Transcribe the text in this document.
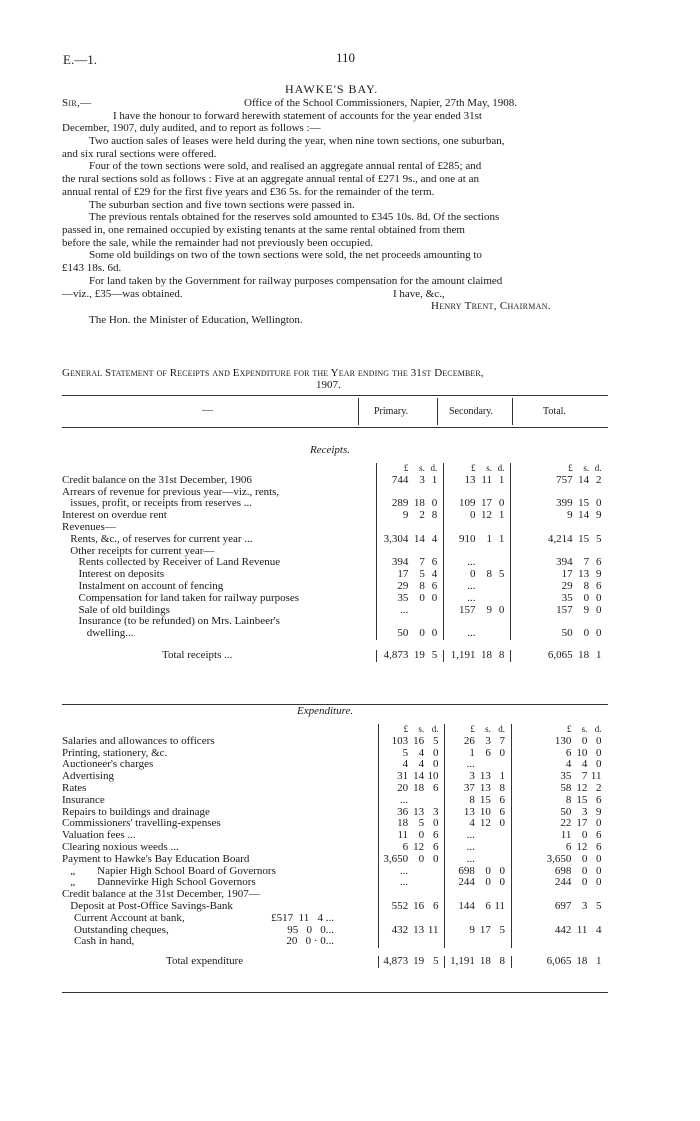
E.—1.	110
HAWKE'S BAY.
Sir,—	Office of the School Commissioners, Napier, 27th May, 1908.
I have the honour to forward herewith statement of accounts for the year ended 31st
December, 1907, duly audited, and to report as follows :—
Two auction sales of leases were held during the year, when nine town sections, one suburban,
and six rural sections were offered.
Four of the town sections were sold, and realised an aggregate annual rental of £285; and
the rural sections sold as follows : Five at an aggregate annual rental of £271 9s., and one at an
annual rental of £29 for the first five years and £36 5s. for the remainder of the term.
The suburban section and five town sections were passed in.
The previous rentals obtained for the reserves sold amounted to £345 10s. 8d. Of the sections
passed in, one remained occupied by existing tenants at the same rental obtained from them
before the sale, while the remainder had not previously been occupied.
Some old buildings on two of the town sections were sold, the net proceeds amounting to
£143 18s. 6d.
For land taken by the Government for railway purposes compensation for the amount claimed
—viz., £35—was obtained.	I have, &c.,
Henry Trent, Chairman.
The Hon. the Minister of Education, Wellington.
General Statement of Receipts and Expenditure for the Year ending the 31st December,
1907.
—	Primary.	Secondary.	Total.
Receipts.
	£	s.	d.	£	s.	d.	£	s.	d.
Credit balance on the 31st December, 1906	744	3	1	13	11	1	757	14	2
Arrears of revenue for previous year—viz., rents,									
issues, profit, or receipts from reserves ...	289	18	0	109	17	0	399	15	0
Interest on overdue rent	9	2	8	0	12	1	9	14	9
Revenues—									
Rents, &c., of reserves for current year ...	3,304	14	4	910	1	1	4,214	15	5
Other receipts for current year—									
Rents collected by Receiver of Land Revenue	394	7	6	...			394	7	6
Interest on deposits	17	5	4	0	8	5	17	13	9
Instalment on account of fencing	29	8	6	...			29	8	6
Compensation for land taken for railway purposes	35	0	0	...			35	0	0
Sale of old buildings	...			157	9	0	157	9	0
Insurance (to be refunded) on Mrs. Lainbeer's									
dwelling...	50	0	0	...			50	0	0

Total receipts ...	4,873	19	5	1,191	18	8	6,065	18	1
Expenditure.
	£	s.	d.	£	s.	d.	£	s.	d.
Salaries and allowances to officers	103	16	5	26	3	7	130	0	0
Printing, stationery, &c.	5	4	0	1	6	0	6	10	0
Auctioneer's charges	4	4	0	...			4	4	0
Advertising	31	14	10	3	13	1	35	7	11
Rates	20	18	6	37	13	8	58	12	2
Insurance	...			8	15	6	8	15	6
Repairs to buildings and drainage	36	13	3	13	10	6	50	3	9
Commissioners' travelling-expenses	18	5	0	4	12	0	22	17	0
Valuation fees ...	11	0	6	...			11	0	6
Clearing noxious weeds ...	6	12	6	...			6	12	6
Payment to Hawke's Bay Education Board	3,650	0	0	...			3,650	0	0
„        Napier High School Board of Governors	...			698	0	0	698	0	0
„        Dannevirke High School Governors	...			244	0	0	244	0	0
Credit balance at the 31st December, 1907—									
Deposit at Post-Office Savings-Bank	552	16	6	144	6	11	697	3	5
Current Account at bank, £517  11   4 ...									
Outstanding cheques, 95   0   0...	432	13	11	9	17	5	442	11	4
Cash in hand, 20   0 · 0...									

Total expenditure	4,873	19	5	1,191	18	8	6,065	18	1
